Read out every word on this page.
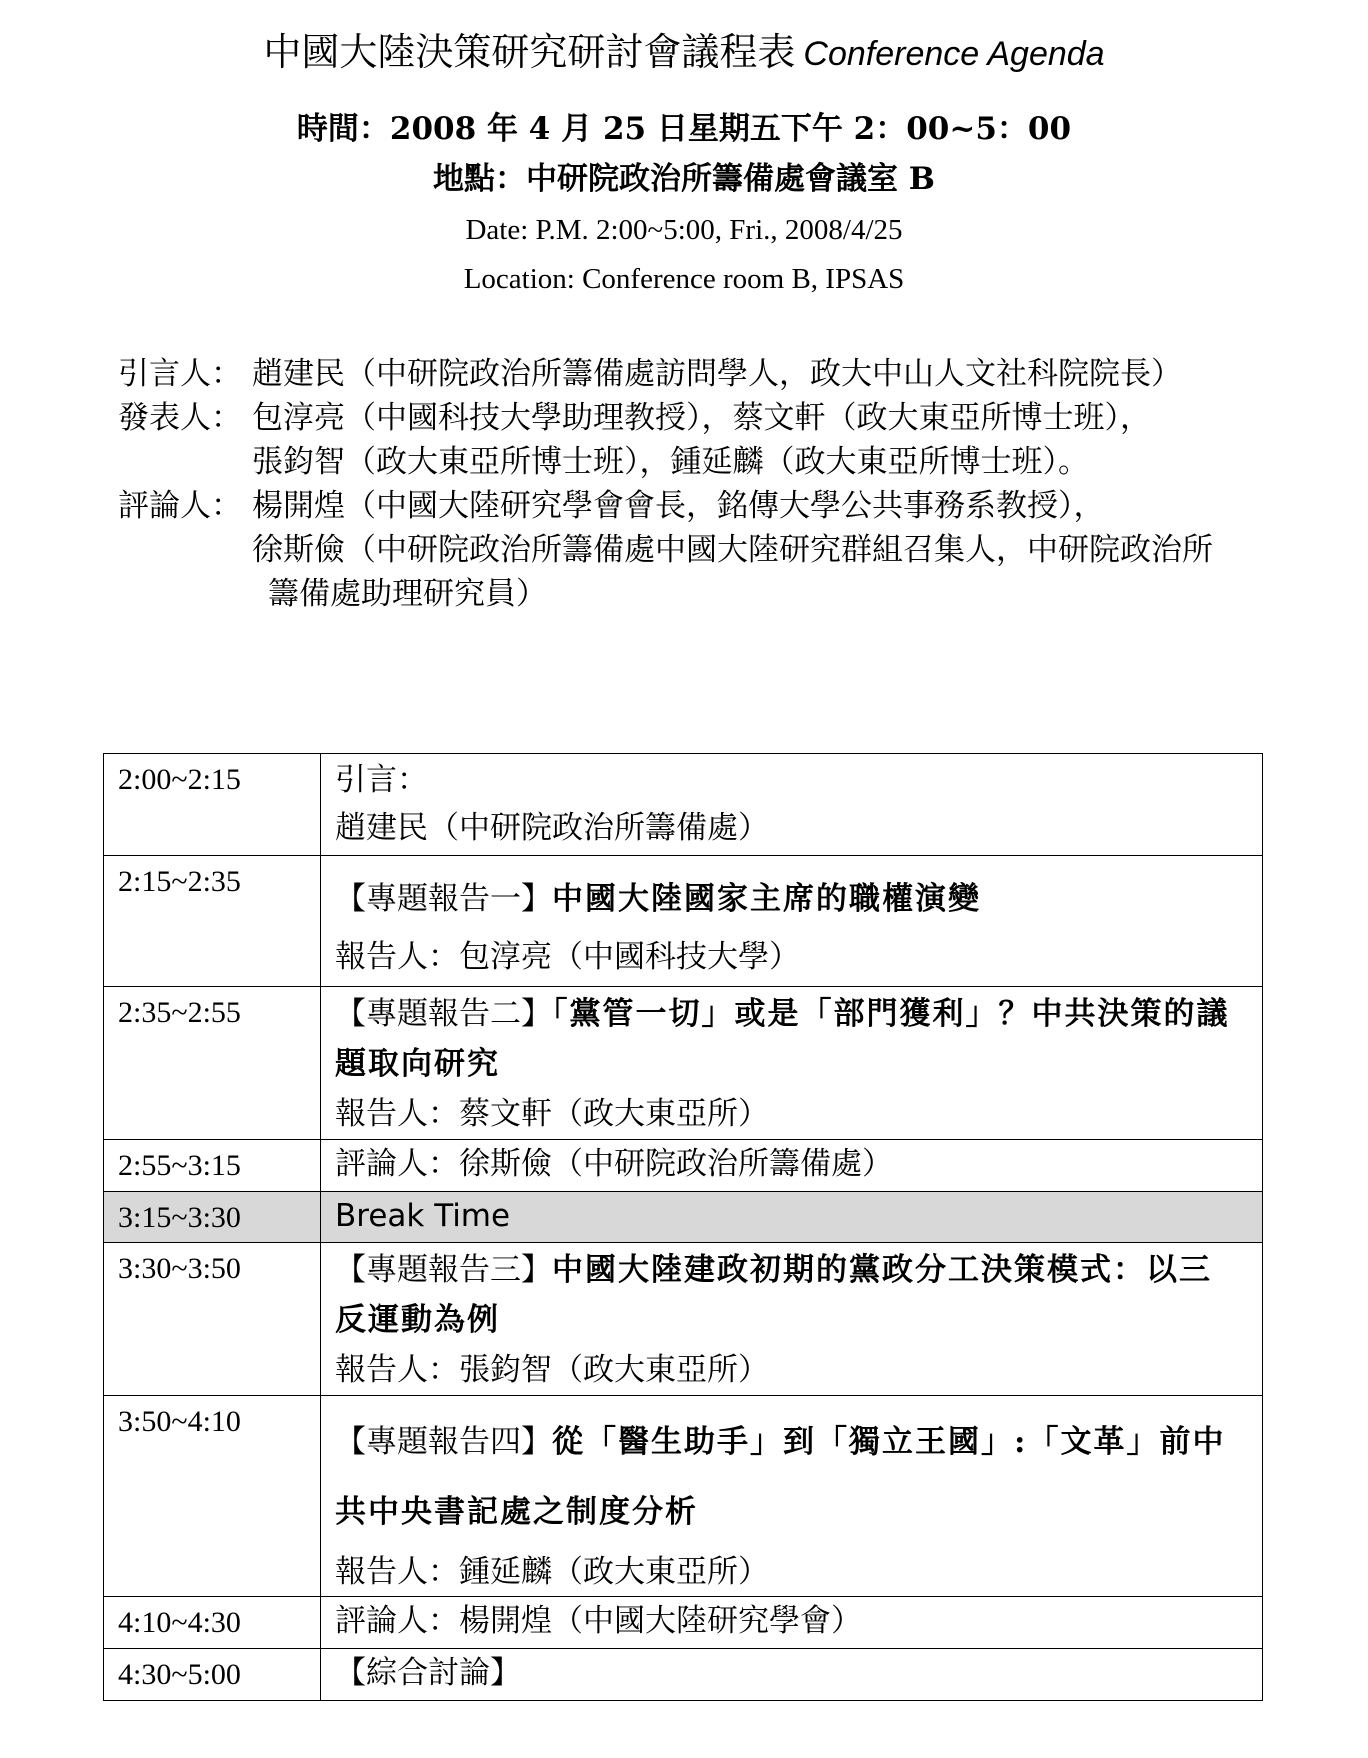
中國大陸決策研究研討會議程表 Conference Agenda
時間：2008 年 4 月 25 日星期五下午 2：00~5：00
地點：中研院政治所籌備處會議室 B
Date: P.M. 2:00~5:00, Fri., 2008/4/25
Location: Conference room B, IPSAS
引言人： 趙建民（中研院政治所籌備處訪問學人，政大中山人文社科院院長）
發表人： 包淳亮（中國科技大學助理教授），蔡文軒（政大東亞所博士班），
張鈞智（政大東亞所博士班），鍾延麟（政大東亞所博士班）。
評論人： 楊開煌（中國大陸研究學會會長，銘傳大學公共事務系教授），
徐斯儉（中研院政治所籌備處中國大陸研究群組召集人，中研院政治所
籌備處助理研究員）
2:00~2:15	引言：
趙建民（中研院政治所籌備處）

2:15~2:35	【專題報告一】中國大陸國家主席的職權演變
報告人：包淳亮（中國科技大學）

2:35~2:55	【專題報告二】「黨管一切」或是「部門獲利」？中共決策的議
題取向研究
報告人：蔡文軒（政大東亞所）

2:55~3:15	評論人：徐斯儉（中研院政治所籌備處）
3:15~3:30	Break Time
3:30~3:50	【專題報告三】中國大陸建政初期的黨政分工決策模式：以三
反運動為例
報告人：張鈞智（政大東亞所）

3:50~4:10	【專題報告四】從「醫生助手」到「獨立王國」:「文革」前中
共中央書記處之制度分析
報告人：鍾延麟（政大東亞所）

4:10~4:30	評論人：楊開煌（中國大陸研究學會）
4:30~5:00	【綜合討論】
